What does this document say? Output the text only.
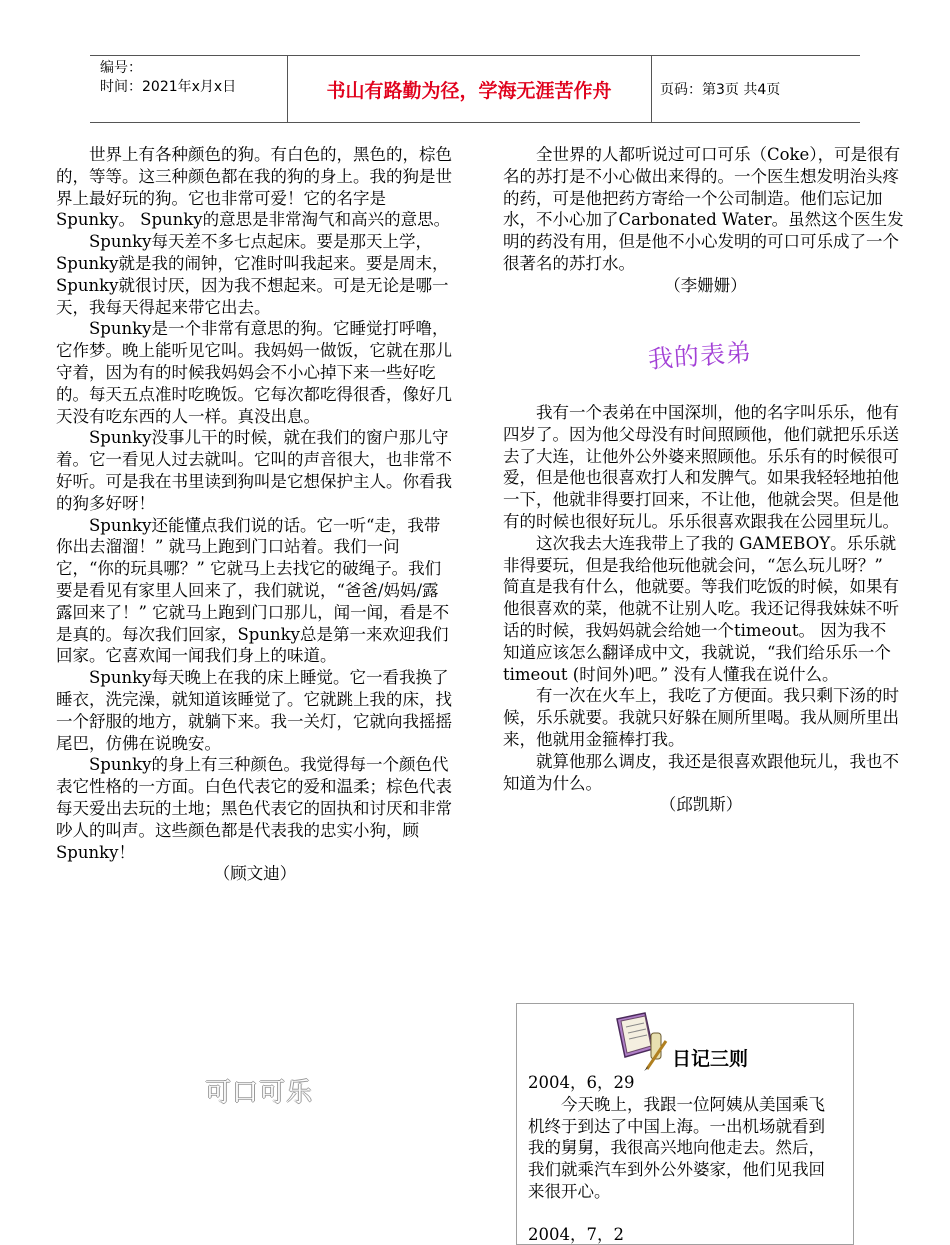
编号：
时间：2021年x月x日	书山有路勤为径，学海无涯苦作舟	页码：第3页 共4页

世界上有各种颜色的狗。有白色的，黑色的，棕色的，等等。这三种颜色都在我的狗的身上。我的狗是世界上最好玩的狗。它也非常可爱！它的名字是Spunky。 Spunky的意思是非常淘气和高兴的意思。

Spunky每天差不多七点起床。要是那天上学，Spunky就是我的闹钟，它准时叫我起来。要是周末，Spunky就很讨厌，因为我不想起来。可是无论是哪一天，我每天得起来带它出去。

Spunky是一个非常有意思的狗。它睡觉打呼噜，它作梦。晚上能听见它叫。我妈妈一做饭，它就在那儿守着，因为有的时候我妈妈会不小心掉下来一些好吃的。每天五点准时吃晚饭。它每次都吃得很香，像好几天没有吃东西的人一样。真没出息。

Spunky没事儿干的时候，就在我们的窗户那儿守着。它一看见人过去就叫。它叫的声音很大，也非常不好听。可是我在书里读到狗叫是它想保护主人。你看我的狗多好呀！

Spunky还能懂点我们说的话。它一听“走，我带你出去溜溜！” 就马上跑到门口站着。我们一问它，“你的玩具哪？” 它就马上去找它的破绳子。我们要是看见有家里人回来了，我们就说，“爸爸/妈妈/露露回来了！” 它就马上跑到门口那儿，闻一闻，看是不是真的。每次我们回家，Spunky总是第一来欢迎我们回家。它喜欢闻一闻我们身上的味道。

Spunky每天晚上在我的床上睡觉。它一看我换了睡衣，洗完澡，就知道该睡觉了。它就跳上我的床，找一个舒服的地方，就躺下来。我一关灯，它就向我摇摇尾巴，仿佛在说晚安。

Spunky的身上有三种颜色。我觉得每一个颜色代表它性格的一方面。白色代表它的爱和温柔；棕色代表每天爱出去玩的土地；黑色代表它的固执和讨厌和非常吵人的叫声。这些颜色都是代表我的忠实小狗，顾Spunky！

（顾文迪）

全世界的人都听说过可口可乐（Coke），可是很有名的苏打是不小心做出来得的。一个医生想发明治头疼的药，可是他把药方寄给一个公司制造。他们忘记加水，不小心加了Carbonated Water。虽然这个医生发明的药没有用，但是他不小心发明的可口可乐成了一个很著名的苏打水。

（李姗姗）

我的表弟

我有一个表弟在中国深圳，他的名字叫乐乐，他有四岁了。因为他父母没有时间照顾他，他们就把乐乐送去了大连，让他外公外婆来照顾他。乐乐有的时候很可爱，但是他也很喜欢打人和发脾气。如果我轻轻地拍他一下，他就非得要打回来，不让他，他就会哭。但是他有的时候也很好玩儿。乐乐很喜欢跟我在公园里玩儿。

这次我去大连我带上了我的 GAMEBOY。乐乐就非得要玩，但是我给他玩他就会问，“怎么玩儿呀？” 简直是我有什么，他就要。等我们吃饭的时候，如果有他很喜欢的菜，他就不让别人吃。我还记得我妹妹不听话的时候，我妈妈就会给她一个timeout。 因为我不知道应该怎么翻译成中文，我就说，“我们给乐乐一个timeout (时间外)吧。” 没有人懂我在说什么。

有一次在火车上，我吃了方便面。我只剩下汤的时候，乐乐就要。我就只好躲在厕所里喝。我从厕所里出来，他就用金箍棒打我。

就算他那么调皮，我还是很喜欢跟他玩儿，我也不知道为什么。

（邱凯斯）

可口可乐
日记三则

2004，6，29

今天晚上，我跟一位阿姨从美国乘飞机终于到达了中国上海。一出机场就看到我的舅舅，我很高兴地向他走去。然后，我们就乘汽车到外公外婆家，他们见我回来很开心。

2004，7，2
